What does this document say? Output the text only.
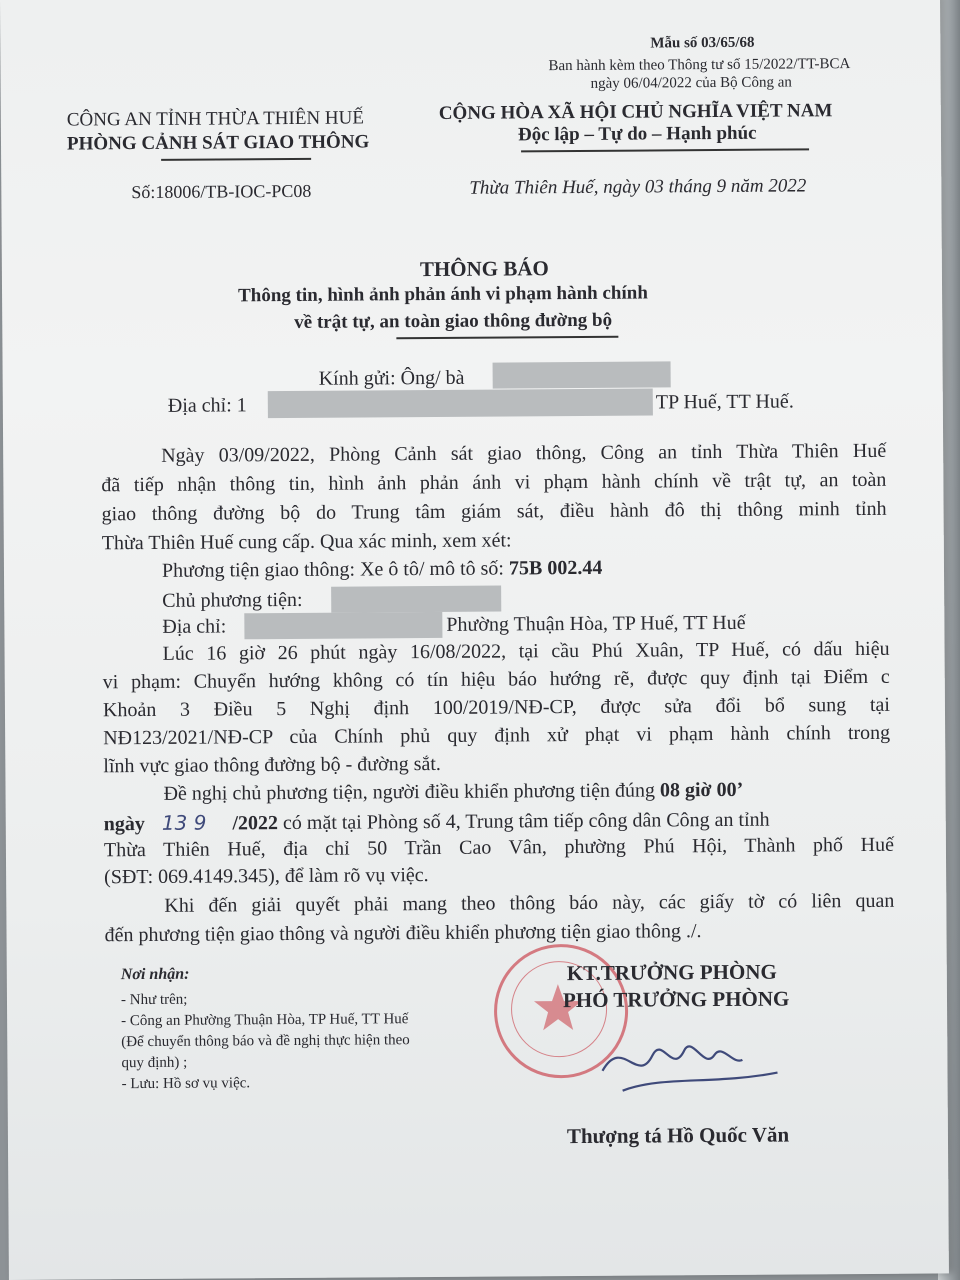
Mẫu số 03/65/68
Ban hành kèm theo Thông tư số 15/2022/TT-BCA
ngày 06/04/2022 của Bộ Công an
CÔNG AN TỈNH THỪA THIÊN HUẾ
PHÒNG CẢNH SÁT GIAO THÔNG
Số:18006/TB-IOC-PC08
CỘNG HÒA XÃ HỘI CHỦ NGHĨA VIỆT NAM
Độc lập – Tự do – Hạnh phúc
Thừa Thiên Huế, ngày 03 tháng 9 năm 2022
THÔNG BÁO
Thông tin, hình ảnh phản ánh vi phạm hành chính
về trật tự, an toàn giao thông đường bộ
Kính gửi: Ông/ bà
Địa chỉ: 1	TP Huế, TT Huế.
Ngày 03/09/2022, Phòng Cảnh sát giao thông, Công an tỉnh Thừa Thiên Huế
đã tiếp nhận thông tin, hình ảnh phản ánh vi phạm hành chính về trật tự, an toàn
giao thông đường bộ do Trung tâm giám sát, điều hành đô thị thông minh tỉnh
Thừa Thiên Huế cung cấp. Qua xác minh, xem xét:
Phương tiện giao thông: Xe ô tô/ mô tô số: 75B 002.44
Chủ phương tiện:
Địa chỉ:	Phường Thuận Hòa, TP Huế, TT Huế
Lúc 16 giờ 26 phút ngày 16/08/2022, tại cầu Phú Xuân, TP Huế, có dấu hiệu
vi phạm: Chuyển hướng không có tín hiệu báo hướng rẽ, được quy định tại Điểm c
Khoản 3 Điều 5 Nghị định 100/2019/NĐ-CP, được sửa đổi bổ sung tại
NĐ123/2021/NĐ-CP của Chính phủ quy định xử phạt vi phạm hành chính trong
lĩnh vực giao thông đường bộ - đường sắt.
Đề nghị chủ phương tiện, người điều khiển phương tiện đúng 08 giờ 00’
ngày 13 9 /2022 có mặt tại Phòng số 4, Trung tâm tiếp công dân Công an tỉnh
Thừa Thiên Huế, địa chỉ 50 Trần Cao Vân, phường Phú Hội, Thành phố Huế
(SĐT: 069.4149.345), để làm rõ vụ việc.
Khi đến giải quyết phải mang theo thông báo này, các giấy tờ có liên quan
đến phương tiện giao thông và người điều khiển phương tiện giao thông ./.
Nơi nhận:
- Như trên;
- Công an Phường Thuận Hòa, TP Huế, TT Huế
(Để chuyển thông báo và đề nghị thực hiện theo
quy định) ;
- Lưu: Hồ sơ vụ việc.
KT.TRƯỞNG PHÒNG
PHÓ TRƯỞNG PHÒNG
Thượng tá Hồ Quốc Văn
